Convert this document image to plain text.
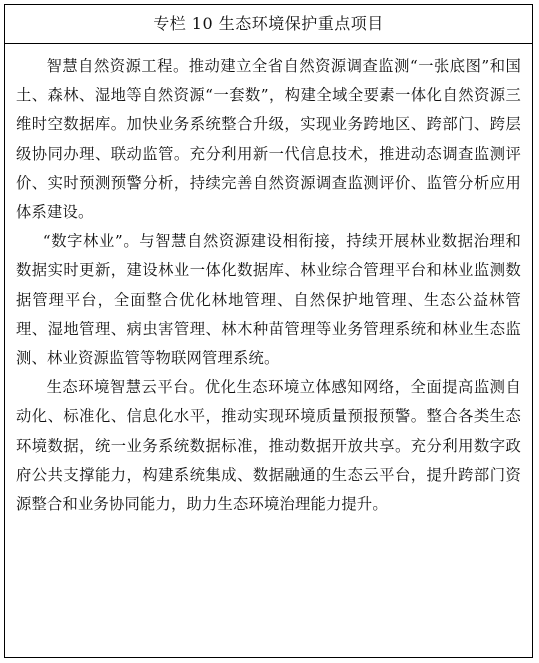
专栏 10 生态环境保护重点项目

智慧自然资源工程。推动建立全省自然资源调查监测“一张底图”和国土、森林、湿地等自然资源“一套数”，构建全域全要素一体化自然资源三维时空数据库。加快业务系统整合升级，实现业务跨地区、跨部门、跨层级协同办理、联动监管。充分利用新一代信息技术，推进动态调查监测评价、实时预测预警分析，持续完善自然资源调查监测评价、监管分析应用体系建设。

“数字林业”。与智慧自然资源建设相衔接，持续开展林业数据治理和数据实时更新，建设林业一体化数据库、林业综合管理平台和林业监测数据管理平台，全面整合优化林地管理、自然保护地管理、生态公益林管理、湿地管理、病虫害管理、林木种苗管理等业务管理系统和林业生态监测、林业资源监管等物联网管理系统。

生态环境智慧云平台。优化生态环境立体感知网络，全面提高监测自动化、标准化、信息化水平，推动实现环境质量预报预警。整合各类生态环境数据，统一业务系统数据标准，推动数据开放共享。充分利用数字政府公共支撑能力，构建系统集成、数据融通的生态云平台，提升跨部门资源整合和业务协同能力，助力生态环境治理能力提升。
